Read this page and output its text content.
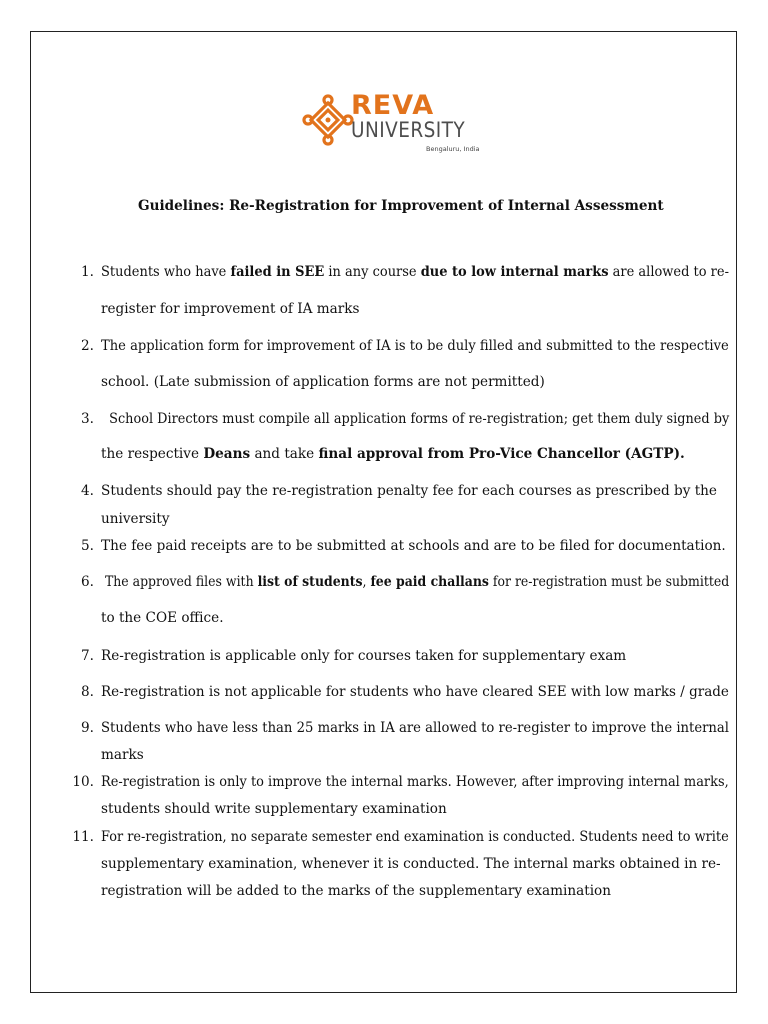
REVA
UNIVERSITY
Bengaluru, India
Guidelines: Re-Registration for Improvement of Internal Assessment
1. Students who have failed in SEE in any course due to low internal marks are allowed to re-
register for improvement of IA marks
2. The application form for improvement of IA is to be duly filled and submitted to the respective
school. (Late submission of application forms are not permitted)
3. School Directors must compile all application forms of re-registration; get them duly signed by
the respective Deans and take final approval from Pro-Vice Chancellor (AGTP).
4. Students should pay the re-registration penalty fee for each courses as prescribed by the
university
5. The fee paid receipts are to be submitted at schools and are to be filed for documentation.
6. The approved files with list of students, fee paid challans for re-registration must be submitted
to the COE office.
7. Re-registration is applicable only for courses taken for supplementary exam
8. Re-registration is not applicable for students who have cleared SEE with low marks / grade
9. Students who have less than 25 marks in IA are allowed to re-register to improve the internal
marks
10. Re-registration is only to improve the internal marks. However, after improving internal marks,
students should write supplementary examination
11. For re-registration, no separate semester end examination is conducted. Students need to write
supplementary examination, whenever it is conducted. The internal marks obtained in re-
registration will be added to the marks of the supplementary examination
